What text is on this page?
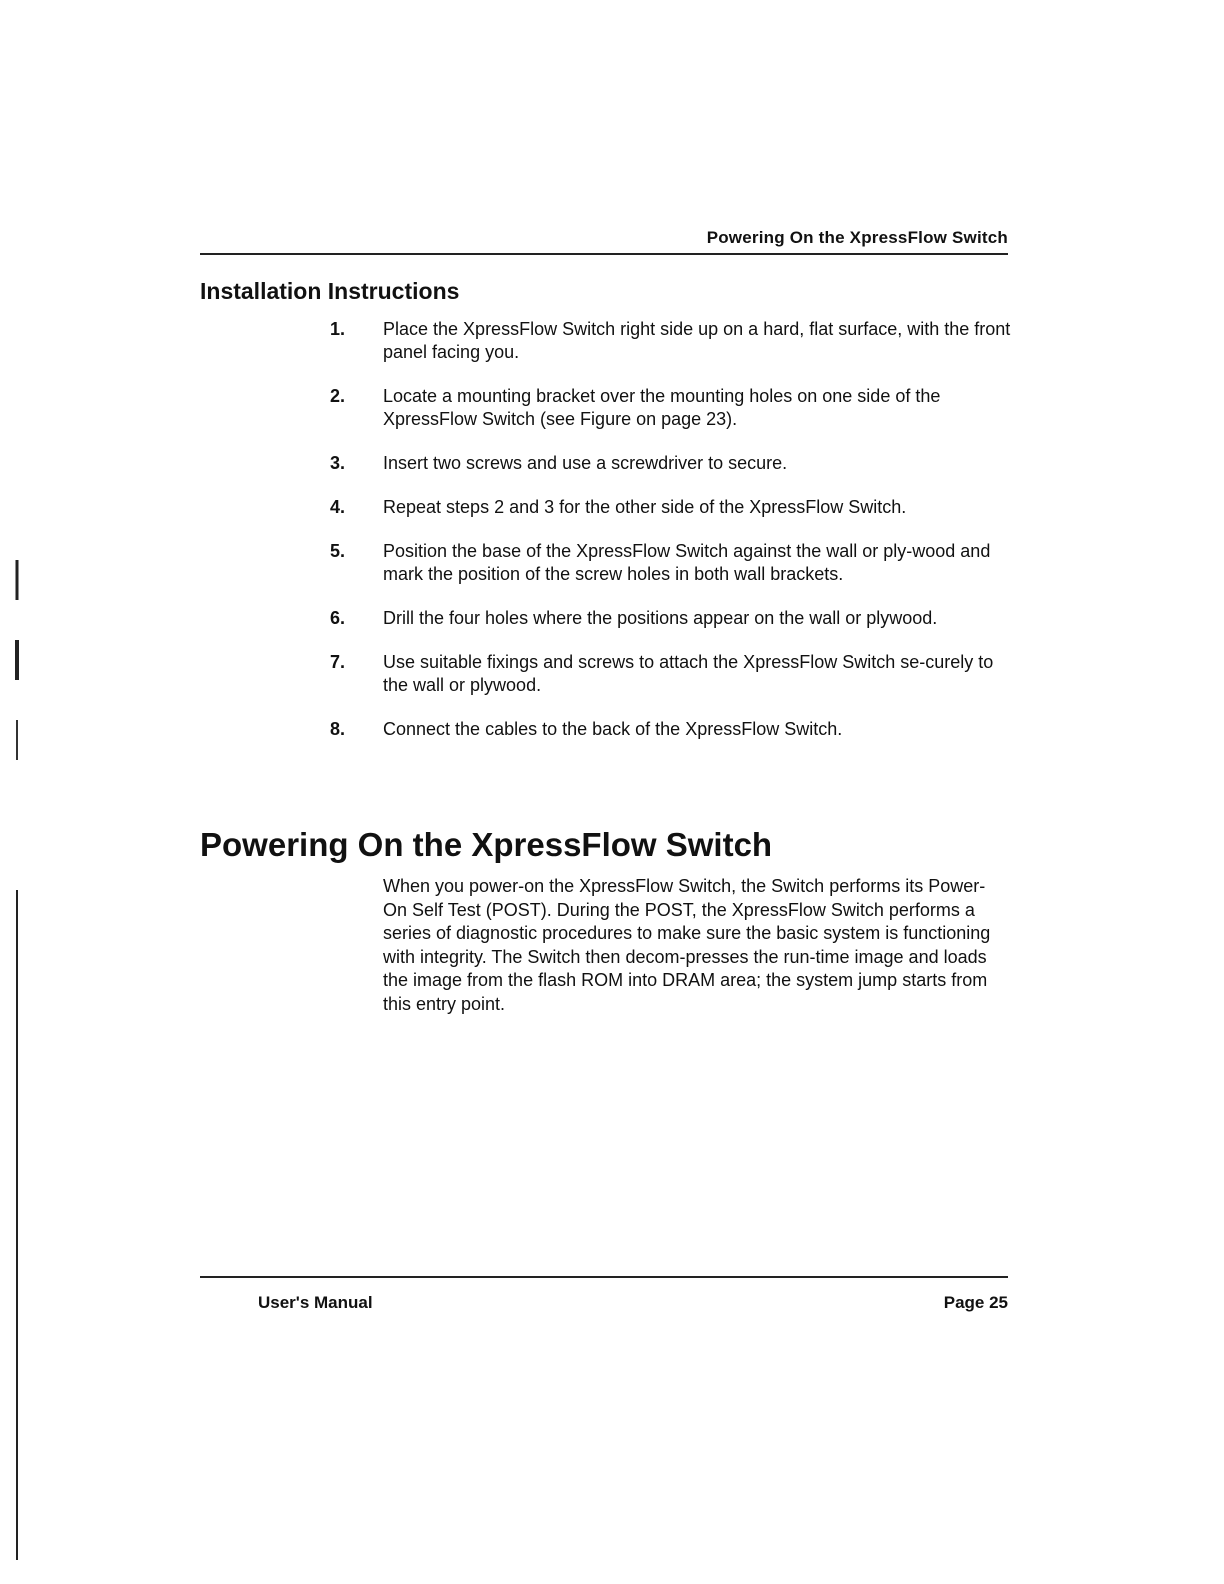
Powering On the XpressFlow Switch
Installation Instructions
1.	Place the XpressFlow Switch right side up on a hard, flat surface, with the front panel facing you.
2.	Locate a mounting bracket over the mounting holes on one side of the XpressFlow Switch (see Figure on page 23).
3.	Insert two screws and use a screwdriver to secure.
4.	Repeat steps 2 and 3 for the other side of the XpressFlow Switch.
5.	Position the base of the XpressFlow Switch against the wall or ply-wood and mark the position of the screw holes in both wall brackets.
6.	Drill the four holes where the positions appear on the wall or plywood.
7.	Use suitable fixings and screws to attach the XpressFlow Switch se-curely to the wall or plywood.
8.	Connect the cables to the back of the XpressFlow Switch.
Powering On the XpressFlow Switch

When you power-on the XpressFlow Switch, the Switch performs its Power-On Self Test (POST). During the POST, the XpressFlow Switch performs a series of diagnostic procedures to make sure the basic system is functioning with integrity. The Switch then decom-presses the run-time image and loads the image from the flash ROM into DRAM area; the system jump starts from this entry point.

User's Manual	Page 25
